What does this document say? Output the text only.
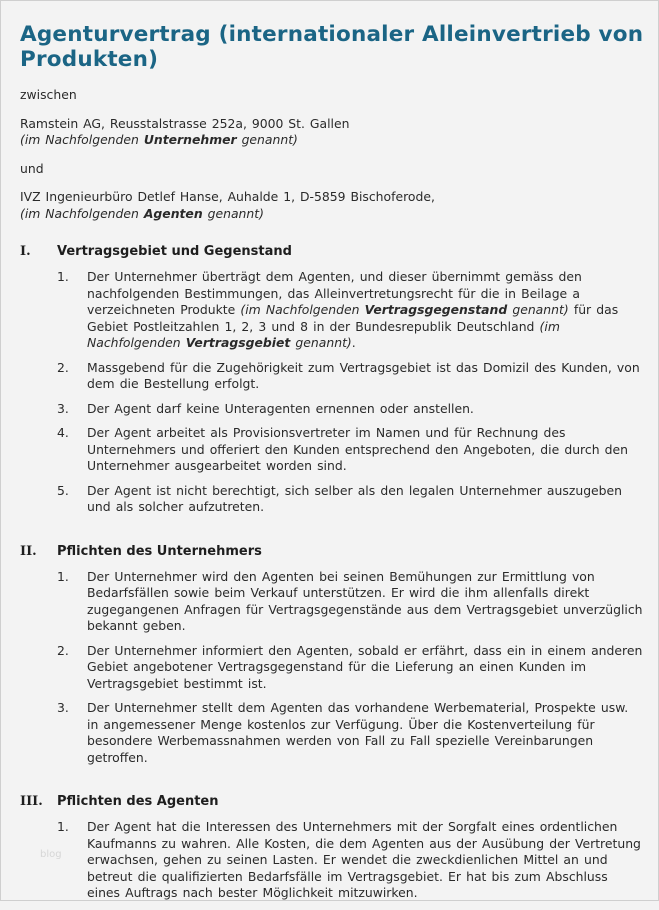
Agenturvertrag (internationaler Alleinvertrieb von Produkten)

zwischen

Ramstein AG, Reusstalstrasse 252a, 9000 St. Gallen

(im Nachfolgenden Unternehmer genannt)

und

IVZ Ingenieurbüro Detlef Hanse, Auhalde 1, D-5859 Bischoferode,

(im Nachfolgenden Agenten genannt)

I.	Vertragsgebiet und Gegenstand
1.	Der Unternehmer überträgt dem Agenten, und dieser übernimmt gemäss den nachfolgenden Bestimmungen, das Alleinvertretungsrecht für die in Beilage a verzeichneten Produkte (im Nachfolgenden Vertragsgegenstand genannt) für das Gebiet Postleitzahlen 1, 2, 3 und 8 in der Bundesrepublik Deutschland (im Nachfolgenden Vertragsgebiet genannt).
2.	Massgebend für die Zugehörigkeit zum Vertragsgebiet ist das Domizil des Kunden, von dem die Bestellung erfolgt.
3.	Der Agent darf keine Unteragenten ernennen oder anstellen.
4.	Der Agent arbeitet als Provisionsvertreter im Namen und für Rechnung des Unternehmers und offeriert den Kunden entsprechend den Angeboten, die durch den Unternehmer ausgearbeitet worden sind.
5.	Der Agent ist nicht berechtigt, sich selber als den legalen Unternehmer auszugeben und als solcher aufzutreten.
II.	Pflichten des Unternehmers
1.	Der Unternehmer wird den Agenten bei seinen Bemühungen zur Ermittlung von Bedarfsfällen sowie beim Verkauf unterstützen. Er wird die ihm allenfalls direkt zugegangenen Anfragen für Vertragsgegenstände aus dem Vertragsgebiet unverzüglich bekannt geben.
2.	Der Unternehmer informiert den Agenten, sobald er erfährt, dass ein in einem anderen Gebiet angebotener Vertragsgegenstand für die Lieferung an einen Kunden im Vertragsgebiet bestimmt ist.
3.	Der Unternehmer stellt dem Agenten das vorhandene Werbematerial, Prospekte usw. in angemessener Menge kostenlos zur Verfügung. Über die Kostenverteilung für besondere Werbemassnahmen werden von Fall zu Fall spezielle Vereinbarungen getroffen.
III.	Pflichten des Agenten
1.	Der Agent hat die Interessen des Unternehmers mit der Sorgfalt eines ordentlichen Kaufmanns zu wahren. Alle Kosten, die dem Agenten aus der Ausübung der Vertretung erwachsen, gehen zu seinen Lasten. Er wendet die zweckdienlichen Mittel an und betreut die qualifizierten Bedarfsfälle im Vertragsgebiet. Er hat bis zum Abschluss eines Auftrags nach bester Möglichkeit mitzuwirken.
blog
